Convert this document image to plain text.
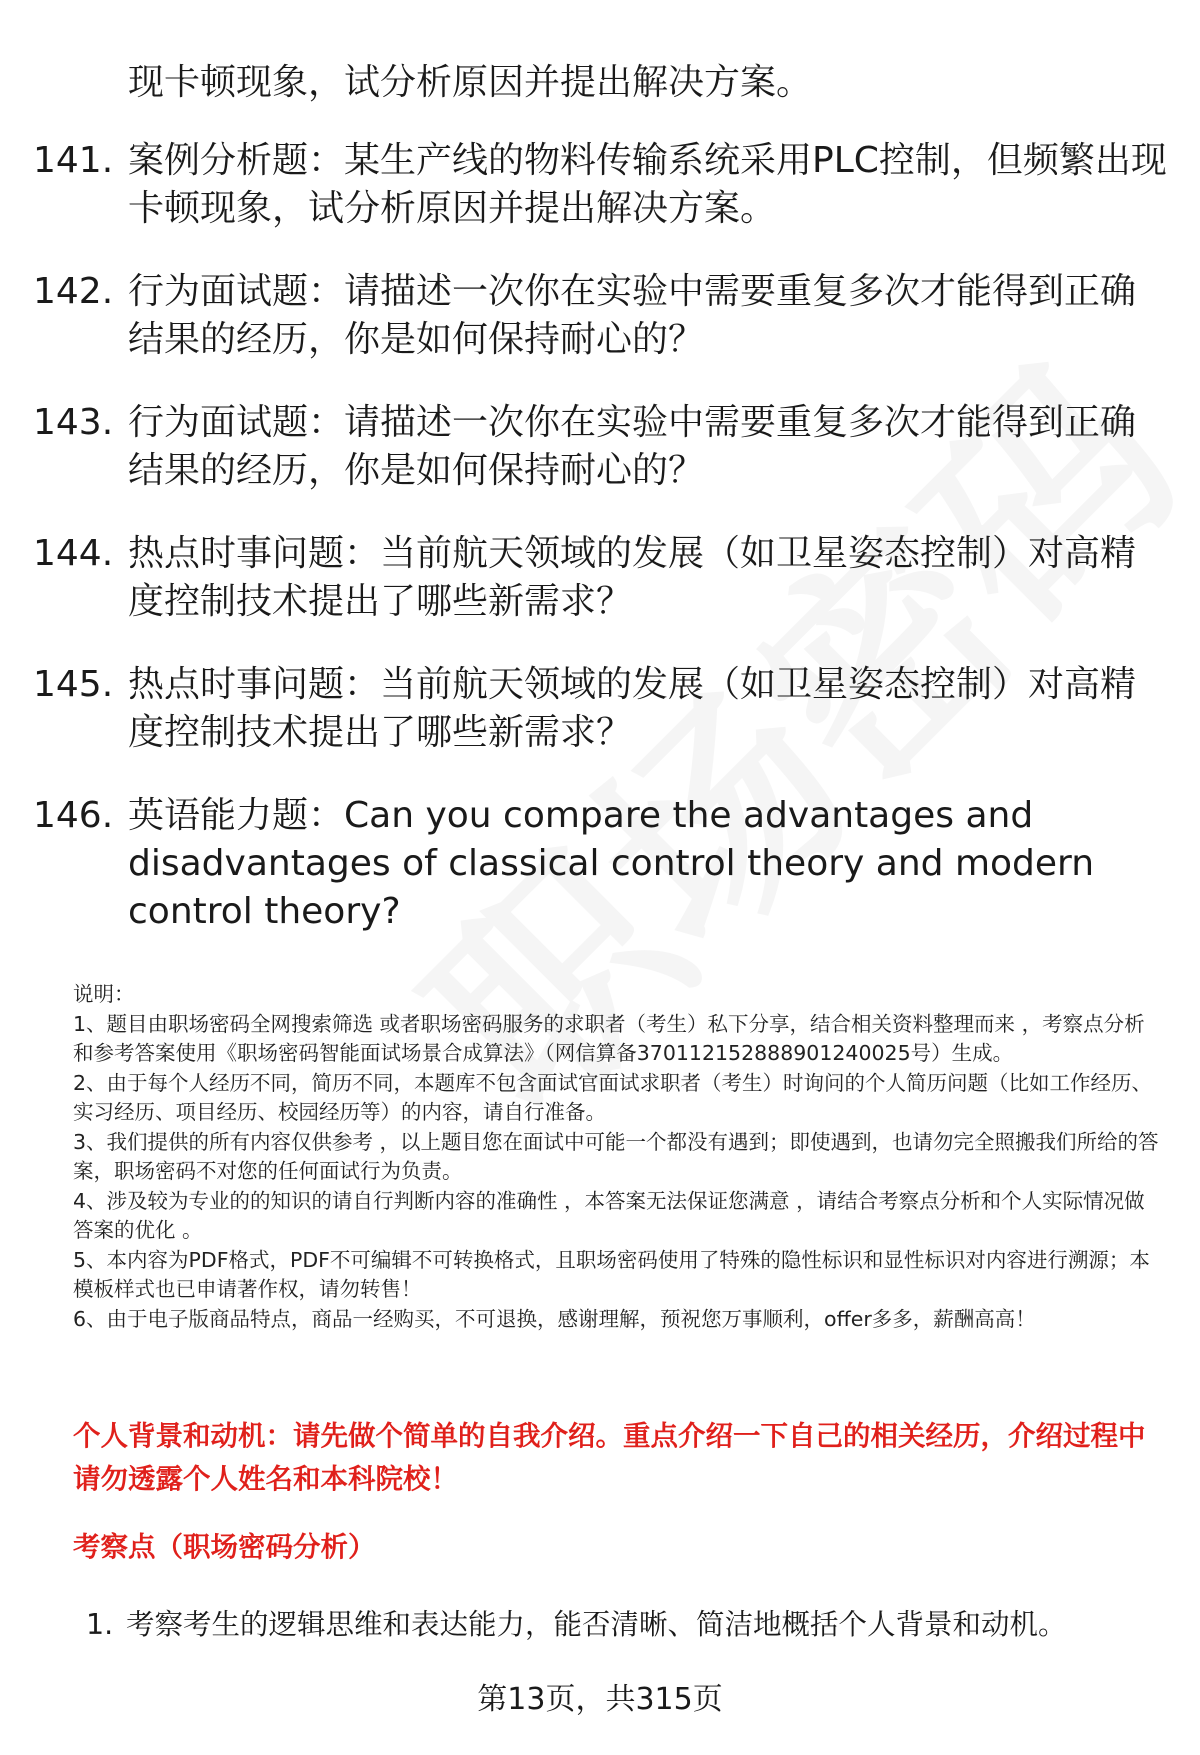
现卡顿现象，试分析原因并提出解决方案。

141. 案例分析题：某生产线的物料传输系统采用PLC控制，但频繁出现卡顿现象，试分析原因并提出解决方案。
142. 行为面试题：请描述一次你在实验中需要重复多次才能得到正确结果的经历，你是如何保持耐心的？
143. 行为面试题：请描述一次你在实验中需要重复多次才能得到正确结果的经历，你是如何保持耐心的？
144. 热点时事问题：当前航天领域的发展（如卫星姿态控制）对高精度控制技术提出了哪些新需求？
145. 热点时事问题：当前航天领域的发展（如卫星姿态控制）对高精度控制技术提出了哪些新需求？
146. 英语能力题：Can you compare the advantages and disadvantages of classical control theory and modern control theory?

说明：

1、题目由职场密码全网搜索筛选 或者职场密码服务的求职者（考生）私下分享，结合相关资料整理而来 ，考察点分析和参考答案使用《职场密码智能面试场景合成算法》（网信算备370112152888901240025号）生成。

2、由于每个人经历不同，简历不同，本题库不包含面试官面试求职者（考生）时询问的个人简历问题（比如工作经历、实习经历、项目经历、校园经历等）的内容，请自行准备。

3、我们提供的所有内容仅供参考 ，以上题目您在面试中可能一个都没有遇到；即使遇到，也请勿完全照搬我们所给的答案，职场密码不对您的任何面试行为负责。

4、涉及较为专业的的知识的请自行判断内容的准确性 ，本答案无法保证您满意 ，请结合考察点分析和个人实际情况做答案的优化 。

5、本内容为PDF格式，PDF不可编辑不可转换格式，且职场密码使用了特殊的隐性标识和显性标识对内容进行溯源；本模板样式也已申请著作权，请勿转售！

6、由于电子版商品特点，商品一经购买，不可退换，感谢理解，预祝您万事顺利，offer多多，薪酬高高！

个人背景和动机：请先做个简单的自我介绍。重点介绍一下自己的相关经历，介绍过程中请勿透露个人姓名和本科院校！

考察点（职场密码分析）

1. 考察考生的逻辑思维和表达能力，能否清晰、简洁地概括个人背景和动机。
第13页，共315页
